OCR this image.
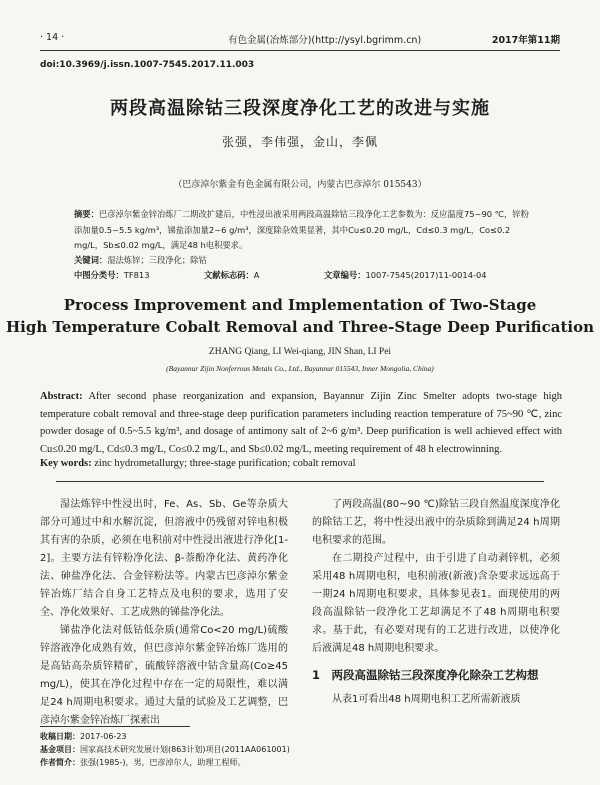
· 14 ·	有色金属(冶炼部分)(http://ysyl.bgrimm.cn)	2017年第11期
doi:10.3969/j.issn.1007-7545.2017.11.003
两段高温除钴三段深度净化工艺的改进与实施
张强，李伟强，金山，李佩
（巴彦淖尔紫金有色金属有限公司，内蒙古巴彦淖尔 015543）
摘要：巴彦淖尔紫金锌冶炼厂二期改扩建后，中性浸出液采用两段高温除钴三段净化工艺参数为：反应温度75~90 ℃，锌粉添加量0.5~5.5 kg/m³，锑盐添加量2~6 g/m³，深度除杂效果显著，其中Cu≤0.20 mg/L，Cd≤0.3 mg/L，Co≤0.2 mg/L，Sb≤0.02 mg/L，满足48 h电积要求。
关键词：湿法炼锌；三段净化；除钴
中图分类号：TF813	文献标志码：A	文章编号：1007-7545(2017)11-0014-04
Process Improvement and Implementation of Two-Stage
High Temperature Cobalt Removal and Three-Stage Deep Purification
ZHANG Qiang, LI Wei-qiang, JIN Shan, LI Pei
(Bayannur Zijin Nonferrous Metals Co., Ltd., Bayannur 015543, Inner Mongolia, China)
Abstract: After second phase reorganization and expansion, Bayannur Zijin Zinc Smelter adopts two-stage high temperature cobalt removal and three-stage deep purification parameters including reaction temperature of 75~90 ℃, zinc powder dosage of 0.5~5.5 kg/m³, and dosage of antimony salt of 2~6 g/m³. Deep purification is well achieved effect with Cu≤0.20 mg/L, Cd≤0.3 mg/L, Co≤0.2 mg/L, and Sb≤0.02 mg/L, meeting requirement of 48 h electrowinning.
Key words: zinc hydrometallurgy; three-stage purification; cobalt removal

湿法炼锌中性浸出时，Fe、As、Sb、Ge等杂质大部分可通过中和水解沉淀，但溶液中仍残留对锌电积极其有害的杂质，必须在电积前对中性浸出液进行净化[1-2]。主要方法有锌粉净化法、β-萘酚净化法、黄药净化法、砷盐净化法、合金锌粉法等。内蒙古巴彦淖尔紫金锌冶炼厂结合自身工艺特点及电积的要求，选用了安全、净化效果好、工艺成熟的锑盐净化法。

锑盐净化法对低钴低杂质(通常Co<20 mg/L)硫酸锌溶液净化成熟有效，但巴彦淖尔紫金锌冶炼厂选用的是高钴高杂质锌精矿，硫酸锌溶液中钴含量高(Co≥45 mg/L)，使其在净化过程中存在一定的局限性，难以满足24 h周期电积要求。通过大量的试验及工艺调整，巴彦淖尔紫金锌冶炼厂探索出

了两段高温(80~90 ℃)除钴三段自然温度深度净化的除钴工艺，将中性浸出液中的杂质除到满足24 h周期电积要求的范围。

在二期投产过程中，由于引进了自动剥锌机，必须采用48 h周期电积，电积前液(新液)含杂要求远远高于一期24 h周期电积要求，具体参见表1。面现使用的两段高温除钴一段净化工艺却满足不了48 h周期电积要求。基于此，有必要对现有的工艺进行改进，以使净化后液满足48 h周期电积要求。

1　两段高温除钴三段深度净化除杂工艺构想

从表1可看出48 h周期电积工艺所需新液质

收稿日期：2017-06-23
基金项目：国家高技术研究发展计划(863计划)项目(2011AA061001)
作者简介：张强(1985-)，男，巴彦淖尔人，助理工程师。
